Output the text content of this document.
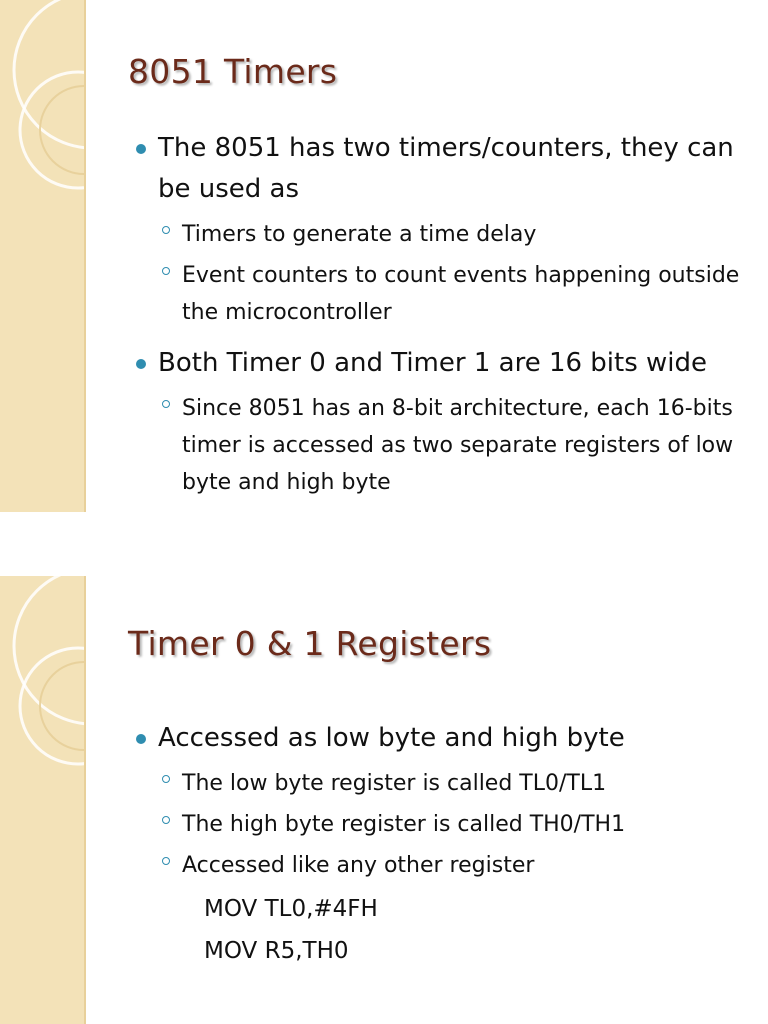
8051 Timers
The 8051 has two timers/counters, they can be used as
Timers to generate a time delay
Event counters to count events happening outside the microcontroller
Both Timer 0 and Timer 1 are 16 bits wide
Since 8051 has an 8-bit architecture, each 16-bits timer is accessed as two separate registers of low byte and high byte
Timer 0 & 1 Registers
Accessed as low byte and high byte
The low byte register is called TL0/TL1
The high byte register is called TH0/TH1
Accessed like any other register
MOV TL0,#4FH
MOV R5,TH0
